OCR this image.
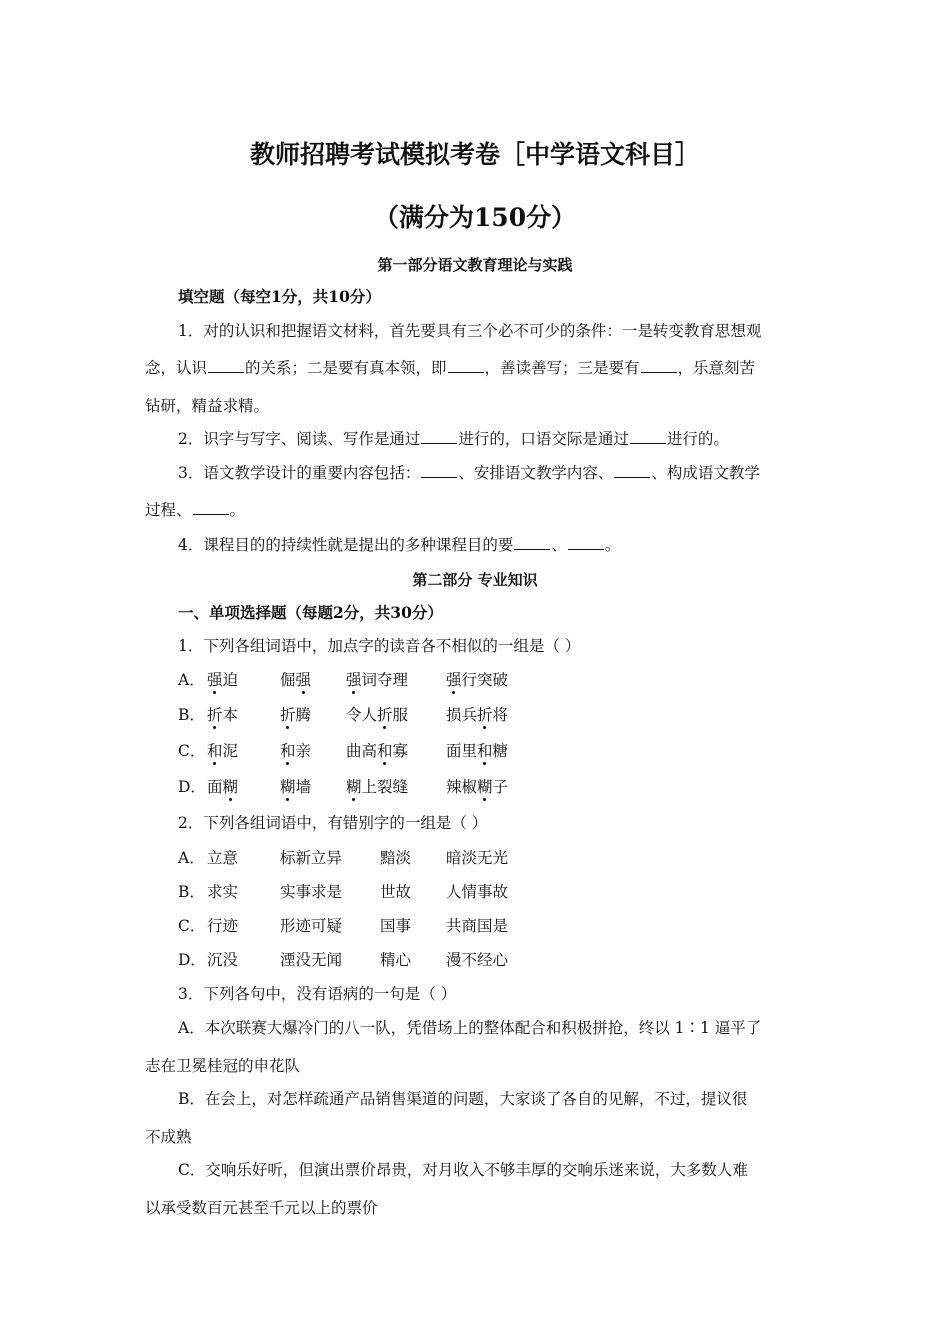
教师招聘考试模拟考卷［中学语文科目］
（满分为150分）
第一部分语文教育理论与实践
填空题（每空1分，共10分）
1．对的认识和把握语文材料，首先要具有三个必不可少的条件：一是转变教育思想观
念，认识 的关系；二是要有真本领，即 ，善读善写；三是要有 ，乐意刻苦
钻研，精益求精。
2．识字与写字、阅读、写作是通过 进行的，口语交际是通过 进行的。
3．语文教学设计的重要内容包括： 、安排语文教学内容、 、构成语文教学
过程、 。
4．课程目的的持续性就是提出的多种课程目的要 、 。
第二部分 专业知识
一、单项选择题（每题2分，共30分）
1．下列各组词语中，加点字的读音各不相似的一组是（ ）
A． 强迫	倔强 强词夺理 强行突破
B． 折本	折腾 令人折服 损兵折将
C． 和泥	和亲 曲高和寡 面里和糖
D． 面糊	糊墙 糊上裂缝 辣椒糊子
2．下列各组词语中，有错别字的一组是（ ）
A． 立意	标新立异 黯淡 暗淡无光
B． 求实	实事求是 世故 人情事故
C． 行迹	形迹可疑 国事 共商国是
D． 沉没	湮没无闻 精心 漫不经心
3．下列各句中，没有语病的一句是（ ）
A．本次联赛大爆冷门的八一队，凭借场上的整体配合和积极拼抢，终以 1∶1 逼平了
志在卫冕桂冠的申花队
B．在会上，对怎样疏通产品销售渠道的问题，大家谈了各自的见解，不过，提议很
不成熟
C．交响乐好听，但演出票价昂贵，对月收入不够丰厚的交响乐迷来说，大多数人难
以承受数百元甚至千元以上的票价
